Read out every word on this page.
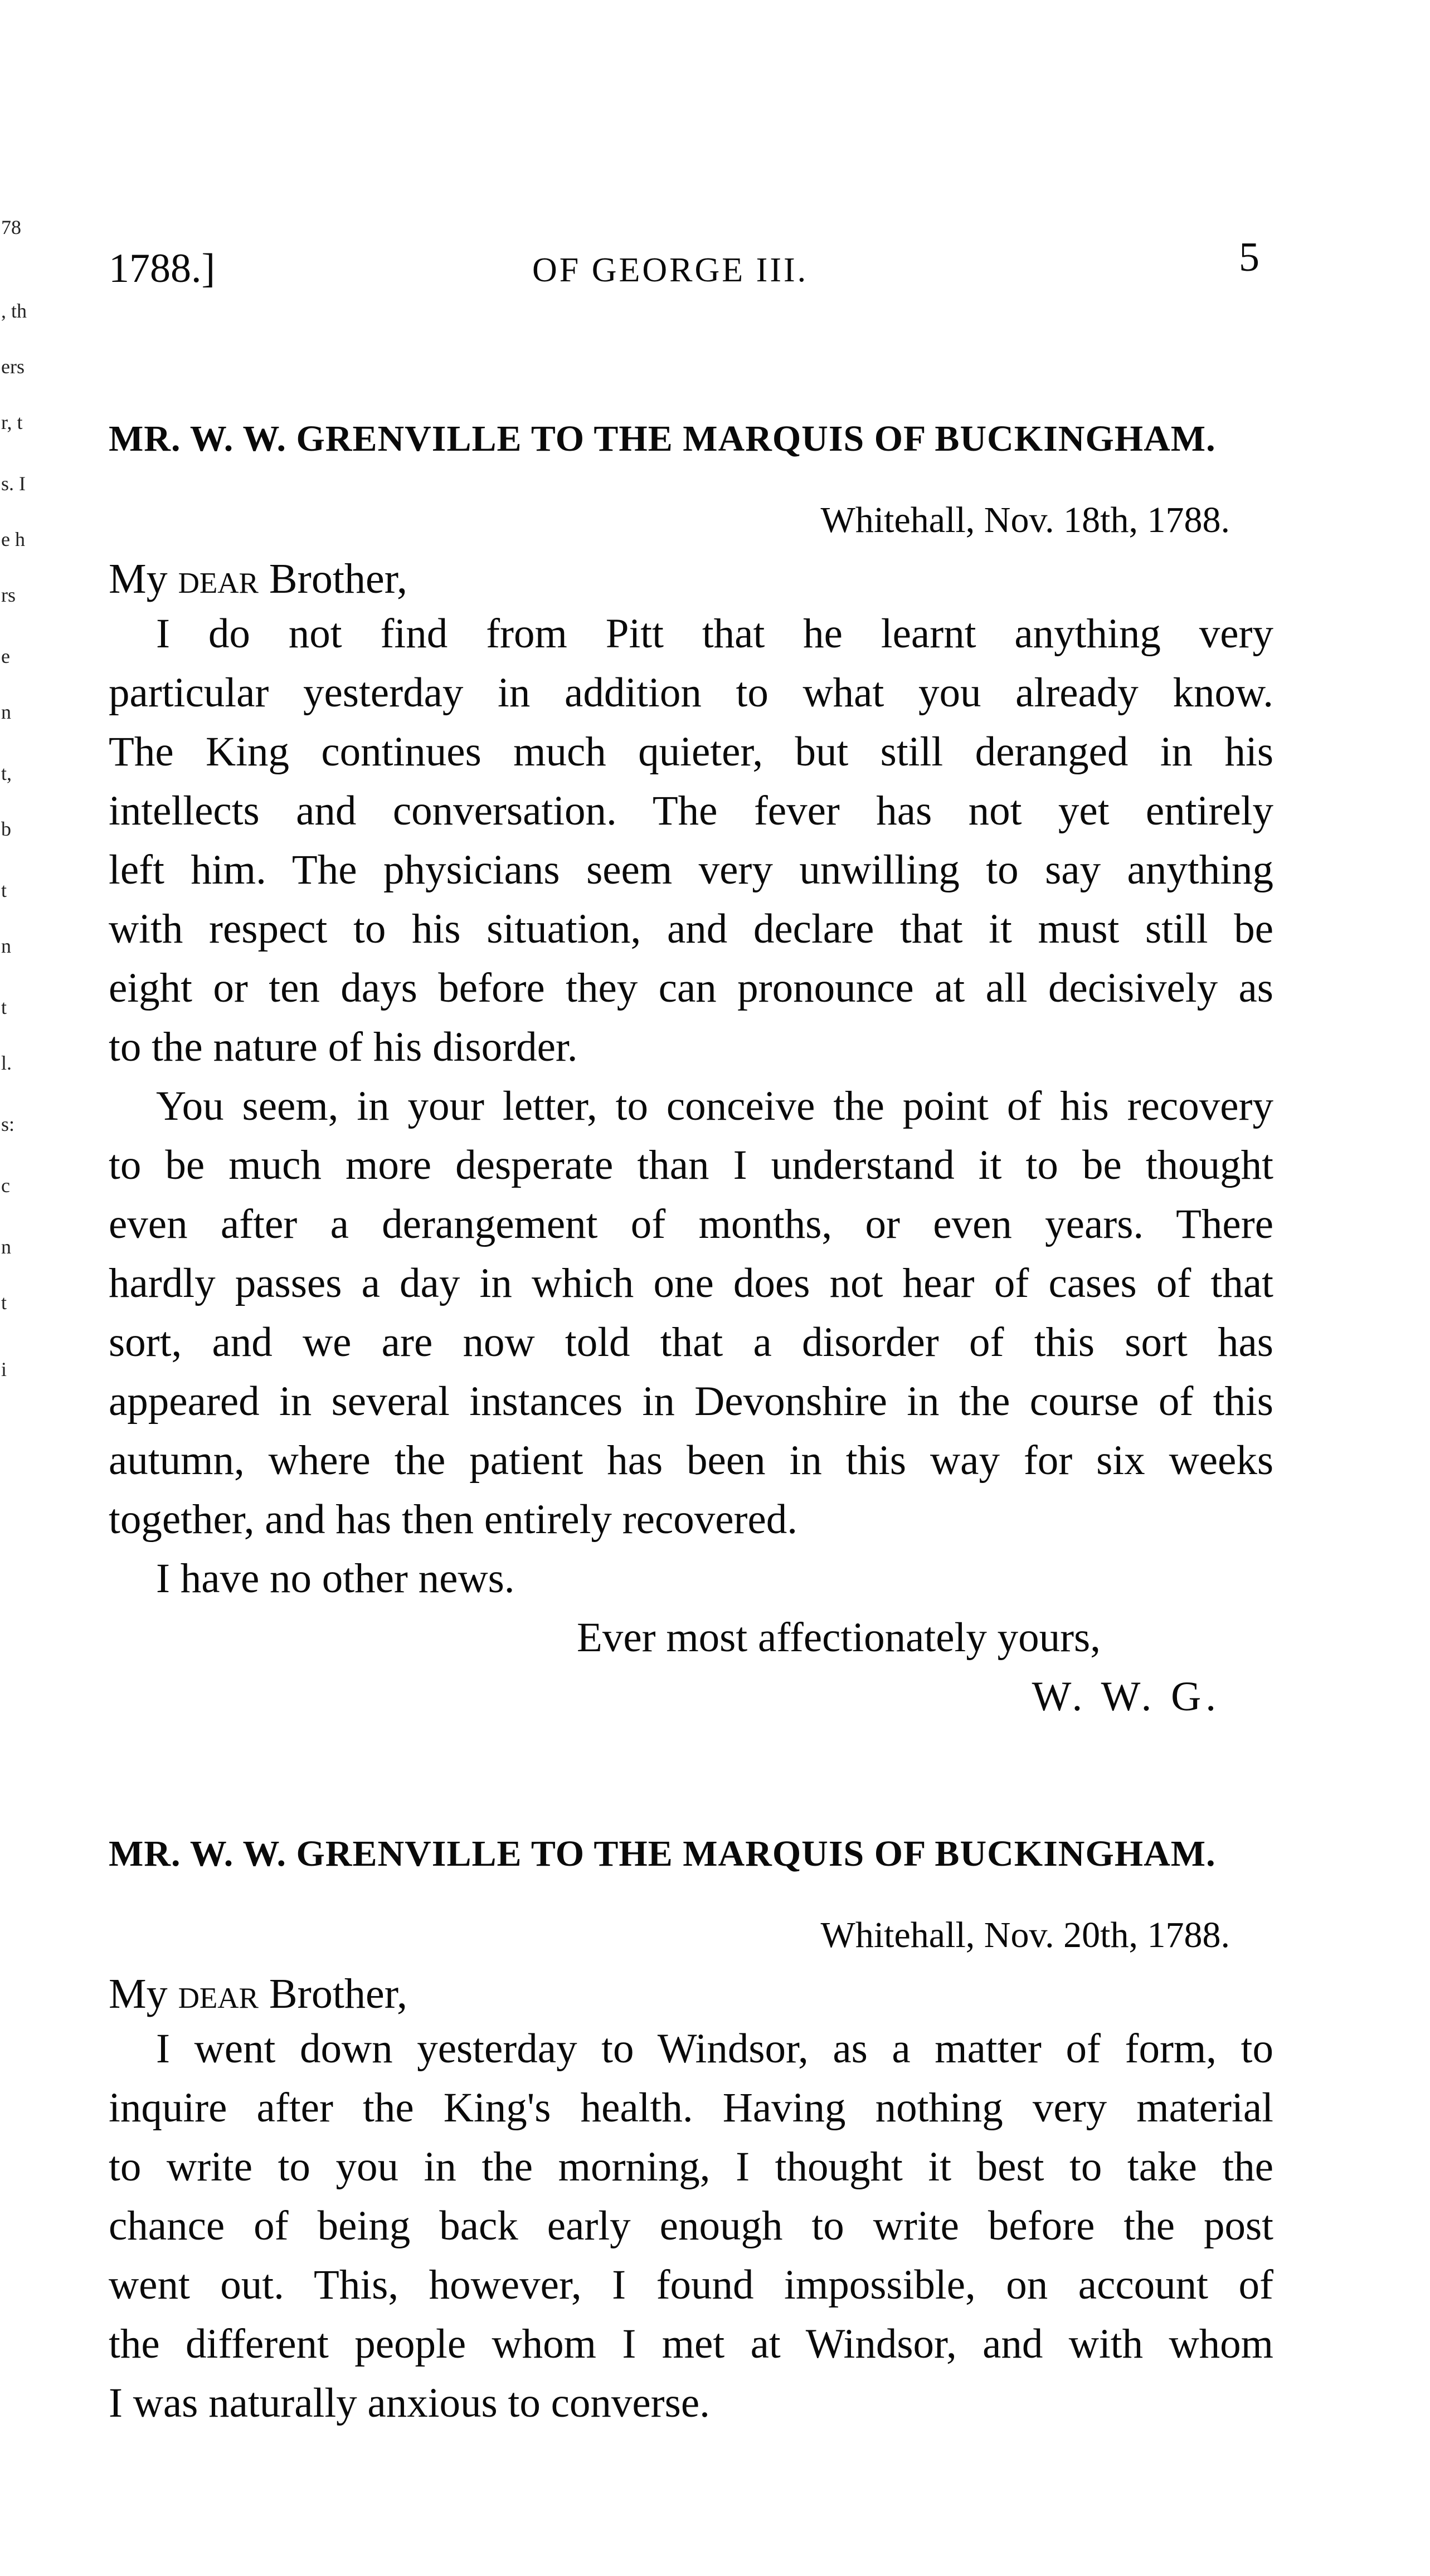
78
, th
ers
r, t
s. I
e h
rs
e
n
t,
b
t
n
t
l.
s:
c
n
t
i
1788.]	OF GEORGE III.	5
MR. W. W. GRENVILLE TO THE MARQUIS OF BUCKINGHAM.
Whitehall, Nov. 18th, 1788.
My dear Brother,

I do not find from Pitt that he learnt anything very
particular yesterday in addition to what you already know.
The King continues much quieter, but still deranged in his
intellects and conversation. The fever has not yet entirely
left him. The physicians seem very unwilling to say anything
with respect to his situation, and declare that it must still be
eight or ten days before they can pronounce at all decisively as
to the nature of his disorder.

You seem, in your letter, to conceive the point of his recovery
to be much more desperate than I understand it to be thought
even after a derangement of months, or even years. There
hardly passes a day in which one does not hear of cases of that
sort, and we are now told that a disorder of this sort has
appeared in several instances in Devonshire in the course of this
autumn, where the patient has been in this way for six weeks
together, and has then entirely recovered.

I have no other news.

Ever most affectionately yours,
W. W. G.
MR. W. W. GRENVILLE TO THE MARQUIS OF BUCKINGHAM.
Whitehall, Nov. 20th, 1788.
My dear Brother,

I went down yesterday to Windsor, as a matter of form, to
inquire after the King's health. Having nothing very material
to write to you in the morning, I thought it best to take the
chance of being back early enough to write before the post
went out. This, however, I found impossible, on account of
the different people whom I met at Windsor, and with whom
I was naturally anxious to converse.
